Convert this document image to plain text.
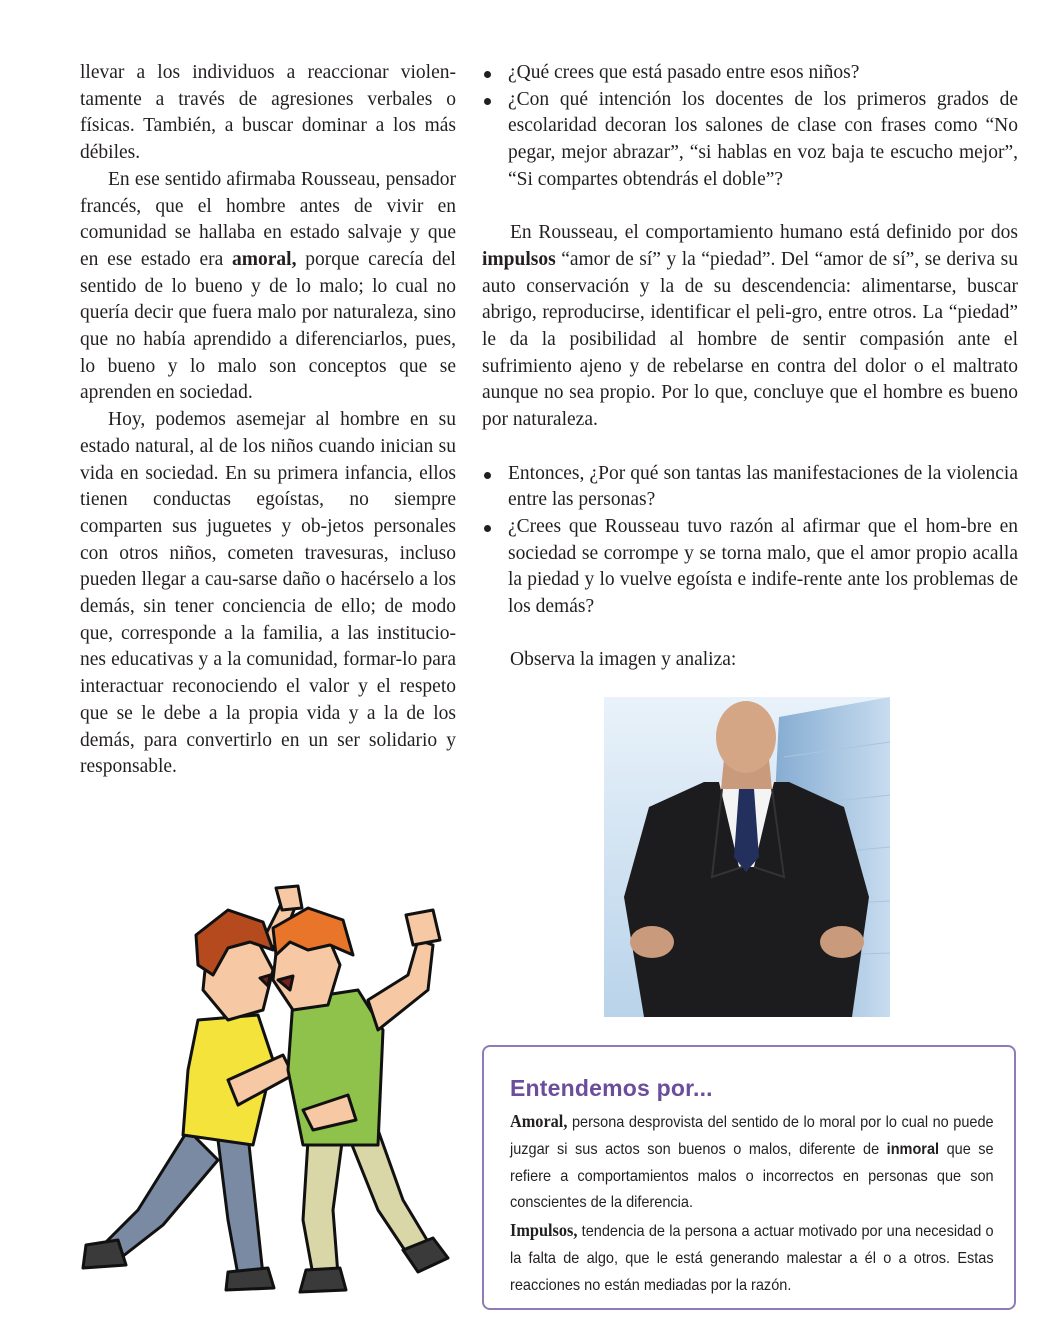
llevar a los individuos a reaccionar violen-tamente a través de agresiones verbales o físicas. También, a buscar dominar a los más débiles.

En ese sentido afirmaba Rousseau, pensador francés, que el hombre antes de vivir en comunidad se hallaba en estado salvaje y que en ese estado era amoral, porque carecía del sentido de lo bueno y de lo malo; lo cual no quería decir que fuera malo por naturaleza, sino que no había aprendido a diferenciarlos, pues, lo bueno y lo malo son conceptos que se aprenden en sociedad.

Hoy, podemos asemejar al hombre en su estado natural, al de los niños cuando inician su vida en sociedad. En su primera infancia, ellos tienen conductas egoístas, no siempre comparten sus juguetes y ob-jetos personales con otros niños, cometen travesuras, incluso pueden llegar a cau-sarse daño o hacérselo a los demás, sin tener conciencia de ello; de modo que, corresponde a la familia, a las institucio-nes educativas y a la comunidad, formar-lo para interactuar reconociendo el valor y el respeto que se le debe a la propia vida y a la de los demás, para convertirlo en un ser solidario y responsable.

¿Qué crees que está pasado entre esos niños?
¿Con qué intención los docentes de los primeros grados de escolaridad decoran los salones de clase con frases como “No pegar, mejor abrazar”, “si hablas en voz baja te escucho mejor”, “Si compartes obtendrás el doble”?

En Rousseau, el comportamiento humano está definido por dos impulsos “amor de sí” y la “piedad”. Del “amor de sí”, se deriva su auto conservación y la de su descendencia: alimentarse, buscar abrigo, reproducirse, identificar el peli-gro, entre otros. La “piedad” le da la posibilidad al hombre de sentir compasión ante el sufrimiento ajeno y de rebelarse en contra del dolor o el maltrato aunque no sea propio. Por lo que, concluye que el hombre es bueno por naturaleza.

Entonces, ¿Por qué son tantas las manifestaciones de la violencia entre las personas?
¿Crees que Rousseau tuvo razón al afirmar que el hom-bre en sociedad se corrompe y se torna malo, que el amor propio acalla la piedad y lo vuelve egoísta e indife-rente ante los problemas de los demás?

Observa la imagen y analiza:

Entendemos por...

Amoral, persona desprovista del sentido de lo moral por lo cual no puede juzgar si sus actos son buenos o malos, diferente de inmoral que se refiere a comportamientos malos o incorrectos en personas que son conscientes de la diferencia.
Impulsos, tendencia de la persona a actuar motivado por una necesidad o la falta de algo, que le está generando malestar a él o a otros. Estas reacciones no están mediadas por la razón.
